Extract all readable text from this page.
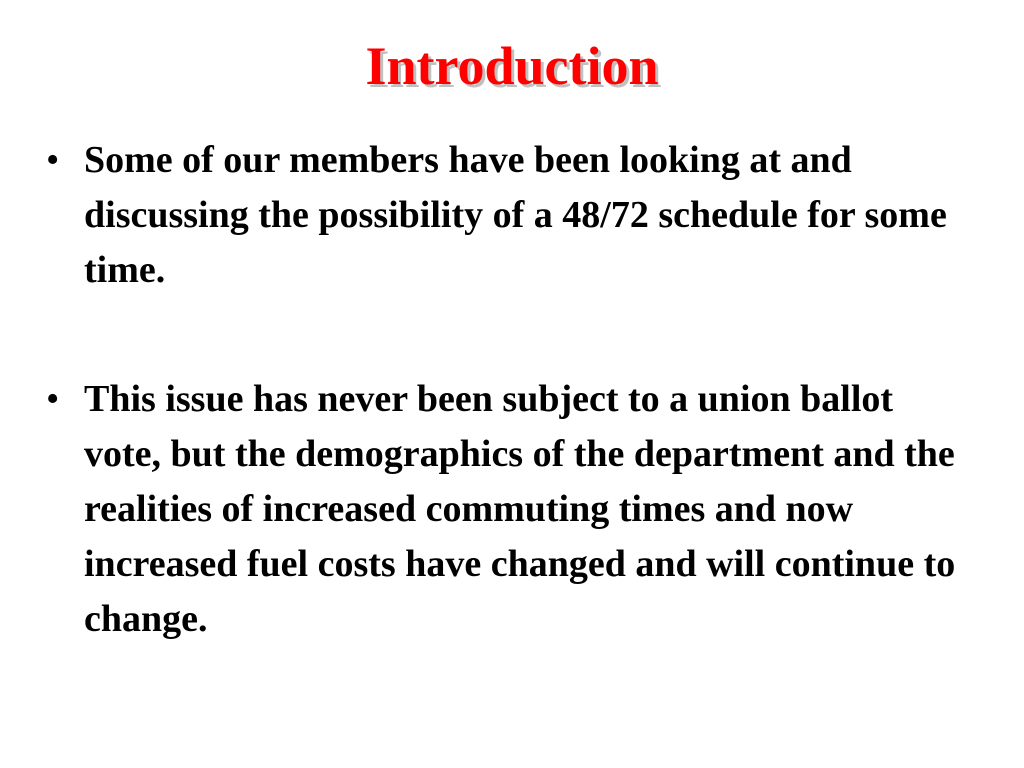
Introduction
• Some of our members have been looking at and discussing the possibility of a 48/72 schedule for some time.
• This issue has never been subject to a union ballot vote, but the demographics of the department and the realities of increased commuting times and now increased fuel costs have changed and will continue to change.
